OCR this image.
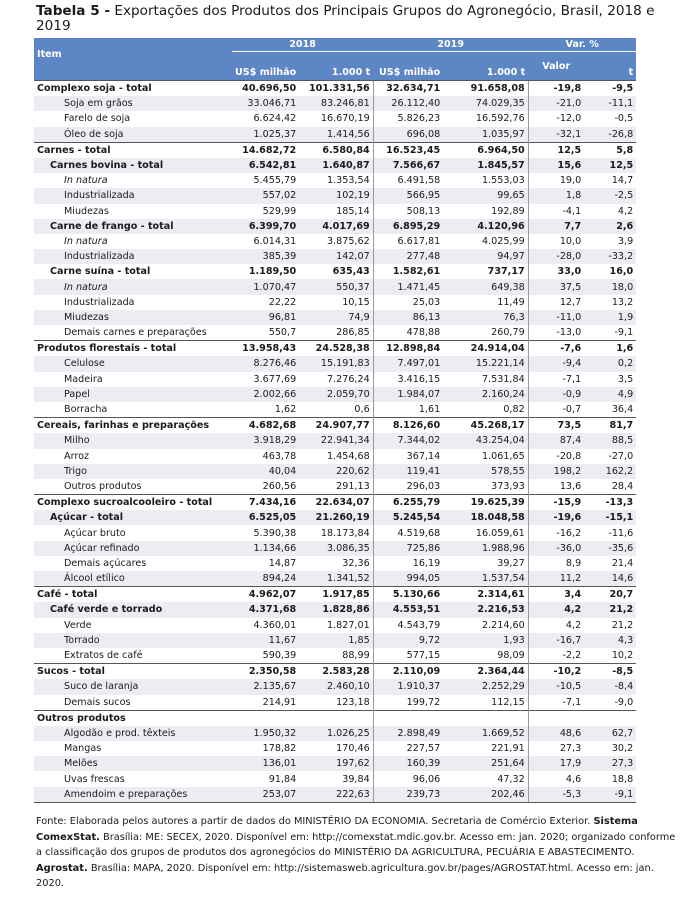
Tabela 5 - Exportações dos Produtos dos Principais Grupos do Agronegócio, Brasil, 2018 e 2019
Item	2018		2019		Var. %	
	US$ milhão	1.000 t	US$ milhão	1.000 t	Valor	t
Complexo soja - total	40.696,50	101.331,56	32.634,71	91.658,08	-19,8	-9,5
Soja em grãos	33.046,71	83.246,81	26.112,40	74.029,35	-21,0	-11,1
Farelo de soja	6.624,42	16.670,19	5.826,23	16.592,76	-12,0	-0,5
Óleo de soja	1.025,37	1.414,56	696,08	1.035,97	-32,1	-26,8
Carnes - total	14.682,72	6.580,84	16.523,45	6.964,50	12,5	5,8
Carnes bovina - total	6.542,81	1.640,87	7.566,67	1.845,57	15,6	12,5
In natura	5.455,79	1.353,54	6.491,58	1.553,03	19,0	14,7
Industrializada	557,02	102,19	566,95	99,65	1,8	-2,5
Miudezas	529,99	185,14	508,13	192,89	-4,1	4,2
Carne de frango - total	6.399,70	4.017,69	6.895,29	4.120,96	7,7	2,6
In natura	6.014,31	3.875,62	6.617,81	4.025,99	10,0	3,9
Industrializada	385,39	142,07	277,48	94,97	-28,0	-33,2
Carne suína - total	1.189,50	635,43	1.582,61	737,17	33,0	16,0
In natura	1.070,47	550,37	1.471,45	649,38	37,5	18,0
Industrializada	22,22	10,15	25,03	11,49	12,7	13,2
Miudezas	96,81	74,9	86,13	76,3	-11,0	1,9
Demais carnes e preparações	550,7	286,85	478,88	260,79	-13,0	-9,1
Produtos florestais - total	13.958,43	24.528,38	12.898,84	24.914,04	-7,6	1,6
Celulose	8.276,46	15.191,83	7.497,01	15.221,14	-9,4	0,2
Madeira	3.677,69	7.276,24	3.416,15	7.531,84	-7,1	3,5
Papel	2.002,66	2.059,70	1.984,07	2.160,24	-0,9	4,9
Borracha	1,62	0,6	1,61	0,82	-0,7	36,4
Cereais, farinhas e preparações	4.682,68	24.907,77	8.126,60	45.268,17	73,5	81,7
Milho	3.918,29	22.941,34	7.344,02	43.254,04	87,4	88,5
Arroz	463,78	1.454,68	367,14	1.061,65	-20,8	-27,0
Trigo	40,04	220,62	119,41	578,55	198,2	162,2
Outros produtos	260,56	291,13	296,03	373,93	13,6	28,4
Complexo sucroalcooleiro - total	7.434,16	22.634,07	6.255,79	19.625,39	-15,9	-13,3
Açúcar - total	6.525,05	21.260,19	5.245,54	18.048,58	-19,6	-15,1
Açúcar bruto	5.390,38	18.173,84	4.519,68	16.059,61	-16,2	-11,6
Açúcar refinado	1.134,66	3.086,35	725,86	1.988,96	-36,0	-35,6
Demais açúcares	14,87	32,36	16,19	39,27	8,9	21,4
Álcool etílico	894,24	1.341,52	994,05	1.537,54	11,2	14,6
Café - total	4.962,07	1.917,85	5.130,66	2.314,61	3,4	20,7
Café verde e torrado	4.371,68	1.828,86	4.553,51	2.216,53	4,2	21,2
Verde	4.360,01	1.827,01	4.543,79	2.214,60	4,2	21,2
Torrado	11,67	1,85	9,72	1,93	-16,7	4,3
Extratos de café	590,39	88,99	577,15	98,09	-2,2	10,2
Sucos - total	2.350,58	2.583,28	2.110,09	2.364,44	-10,2	-8,5
Suco de laranja	2.135,67	2.460,10	1.910,37	2.252,29	-10,5	-8,4
Demais sucos	214,91	123,18	199,72	112,15	-7,1	-9,0
Outros produtos						
Algodão e prod. têxteis	1.950,32	1.026,25	2.898,49	1.669,52	48,6	62,7
Mangas	178,82	170,46	227,57	221,91	27,3	30,2
Melões	136,01	197,62	160,39	251,64	17,9	27,3
Uvas frescas	91,84	39,84	96,06	47,32	4,6	18,8
Amendoim e preparações	253,07	222,63	239,73	202,46	-5,3	-9,1
Fonte: Elaborada pelos autores a partir de dados do MINISTÉRIO DA ECONOMIA. Secretaria de Comércio Exterior. Sistema ComexStat. Brasília: ME: SECEX, 2020. Disponível em: http://comexstat.mdic.gov.br. Acesso em: jan. 2020; organizado conforme a classificação dos grupos de produtos dos agronegócios do MINISTÉRIO DA AGRICULTURA, PECUÁRIA E ABASTECIMENTO. Agrostat. Brasília: MAPA, 2020. Disponível em: http://sistemasweb.agricultura.gov.br/pages/AGROSTAT.html. Acesso em: jan. 2020.
